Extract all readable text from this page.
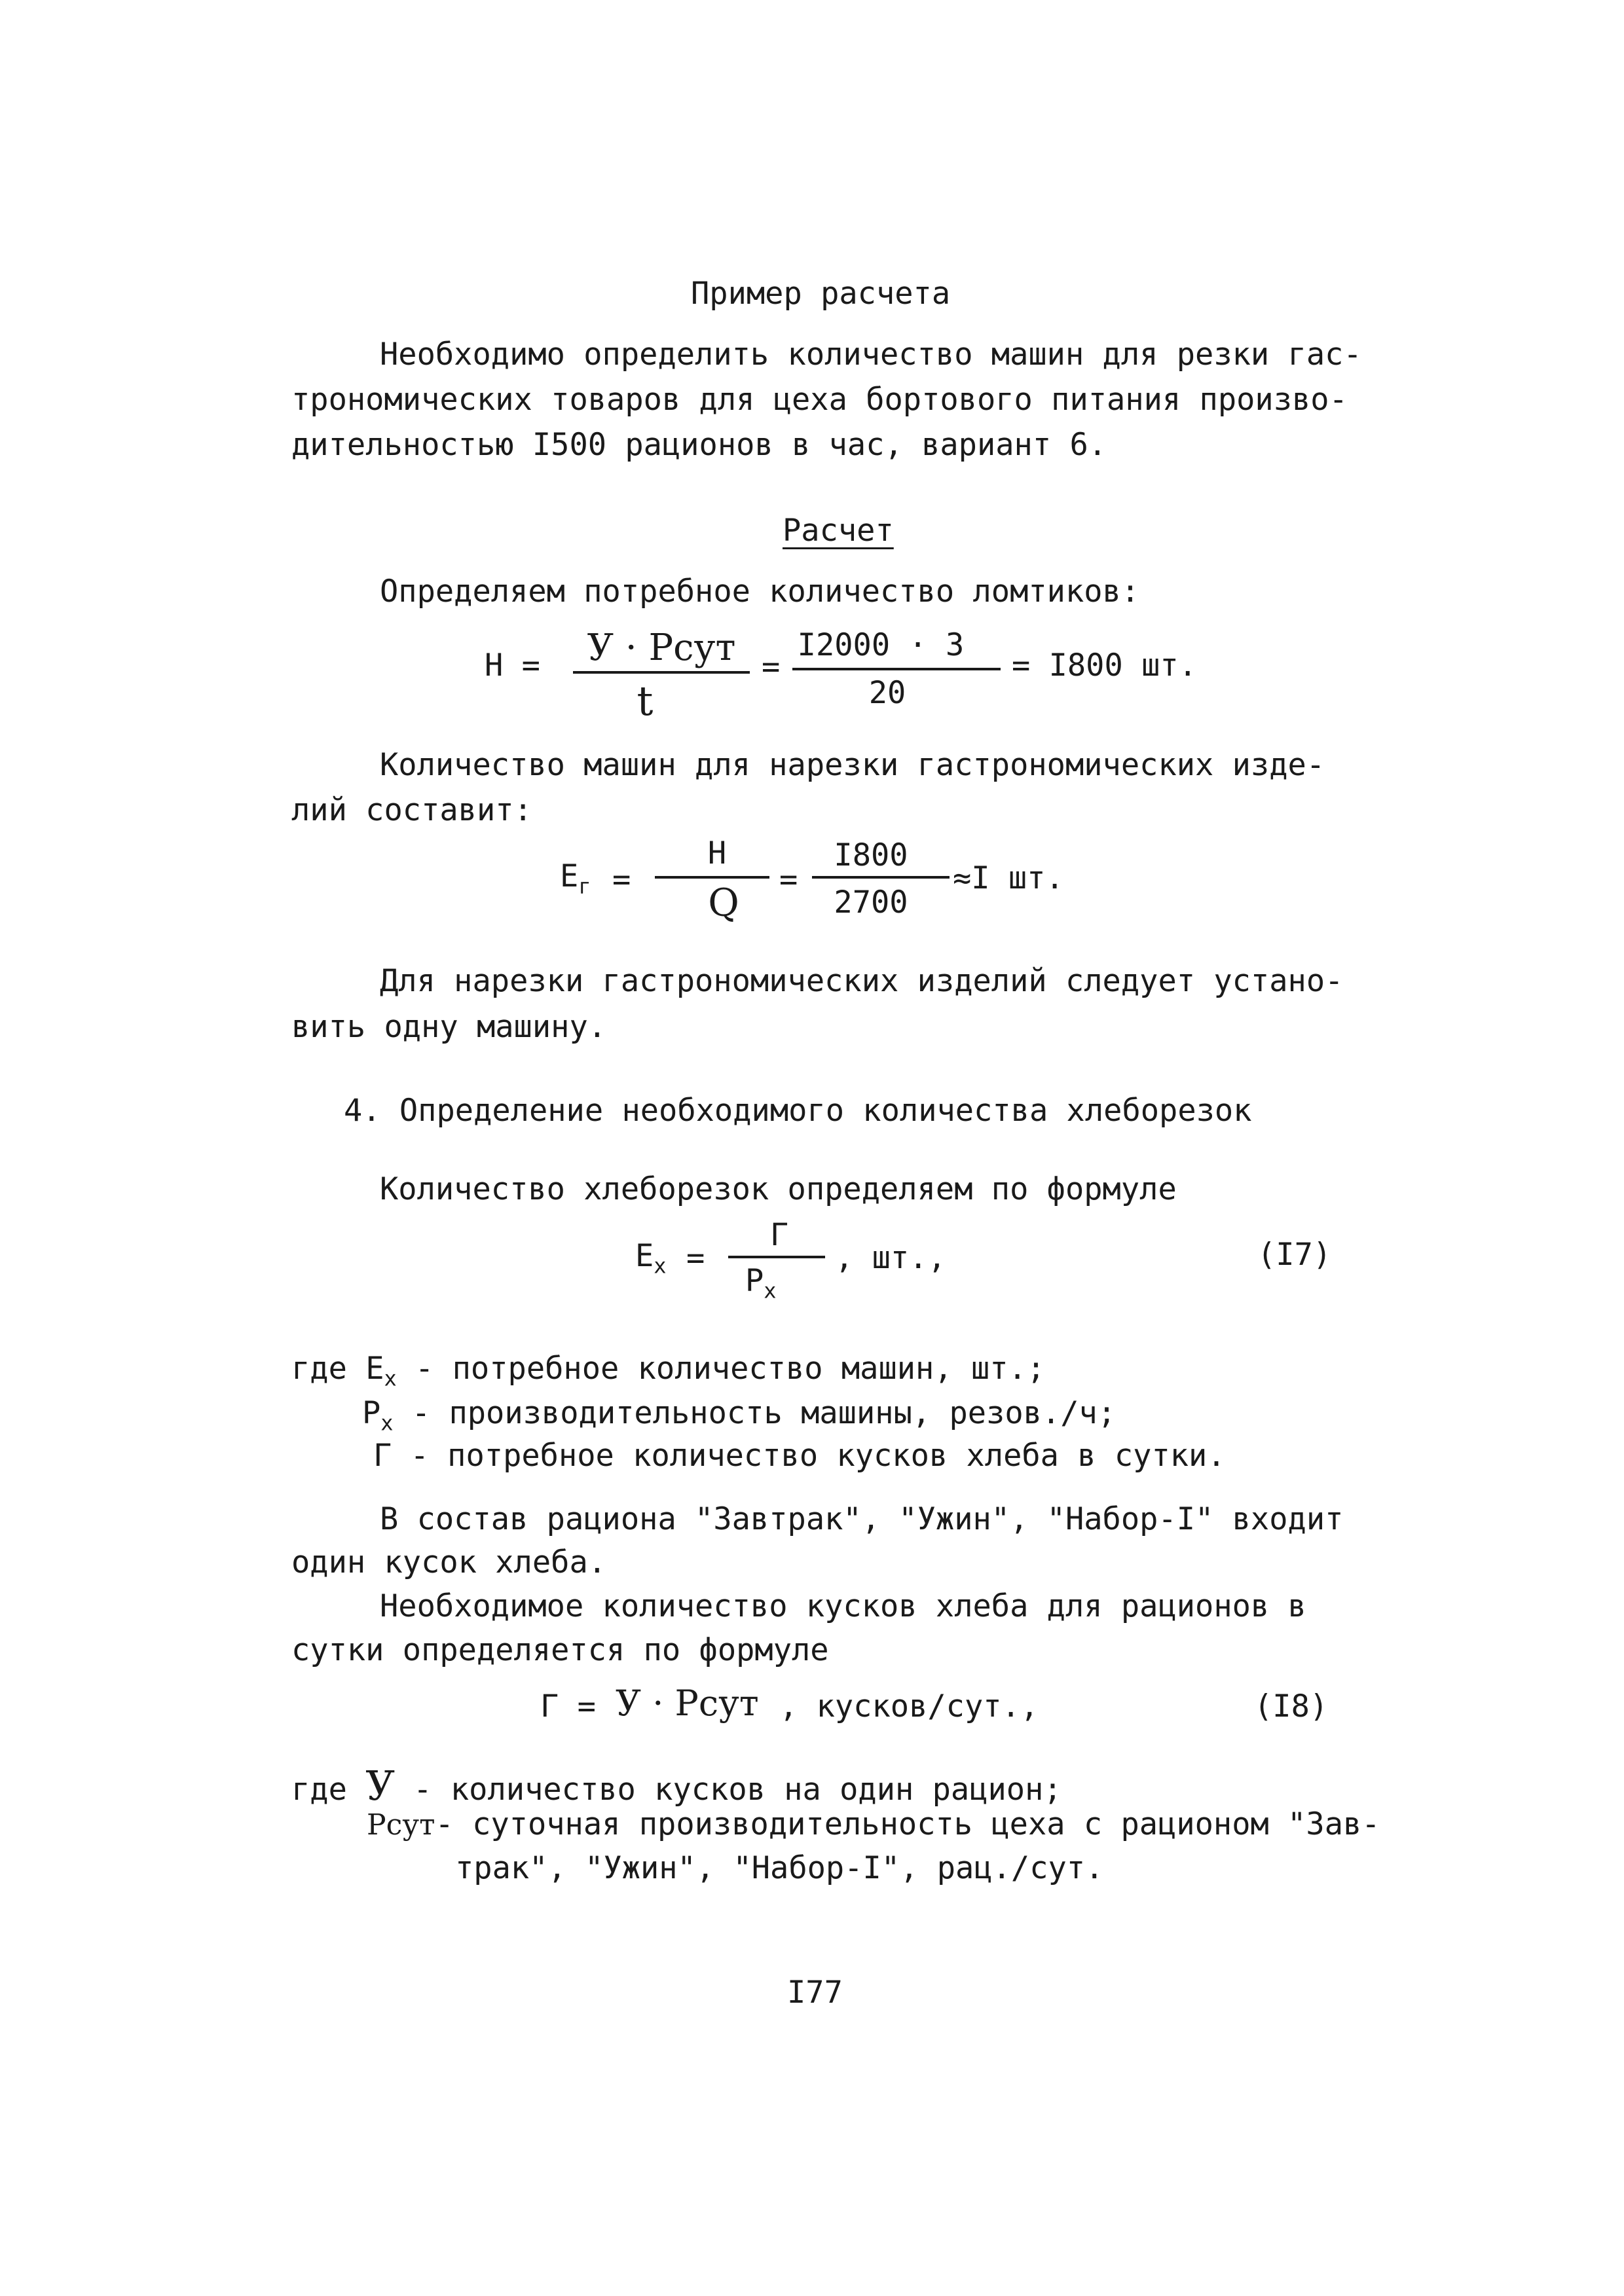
Пример расчета
Необходимо определить количество машин для резки гас-
трономических товаров для цеха бортового питания произво-
дительностью I500 рационов в час, вариант 6.
Расчет
Определяем потребное количество ломтиков:
Н = У · Рсут
t
=
I2000 · 3
20
= I800 шт.
Количество машин для нарезки гастрономических изде-
лий составит:
$Е_г$ =
Н
Q
=
I800
2700
≈I шт.
Для нарезки гастрономических изделий следует устано-
вить одну машину.
4. Определение необходимого количества хлеборезок
Количество хлеборезок определяем по формуле
$Е_х$ =
Г
$Р_х$
, шт.,	(I7)
где $Е_х$ - потребное количество машин, шт.;
$Р_х$ - производительность машины, резов./ч;
Г - потребное количество кусков хлеба в сутки.
В состав рациона "Завтрак", "Ужин", "Набор-I" входит
один кусок хлеба.
Необходимое количество кусков хлеба для рационов в
сутки определяется по формуле
Г = У · Рсут , кусков/сут.,	(I8)
где У - количество кусков на один рацион;
Рсут- суточная производительность цеха с рационом "Зав-
трак", "Ужин", "Набор-I", рац./сут.
I77
